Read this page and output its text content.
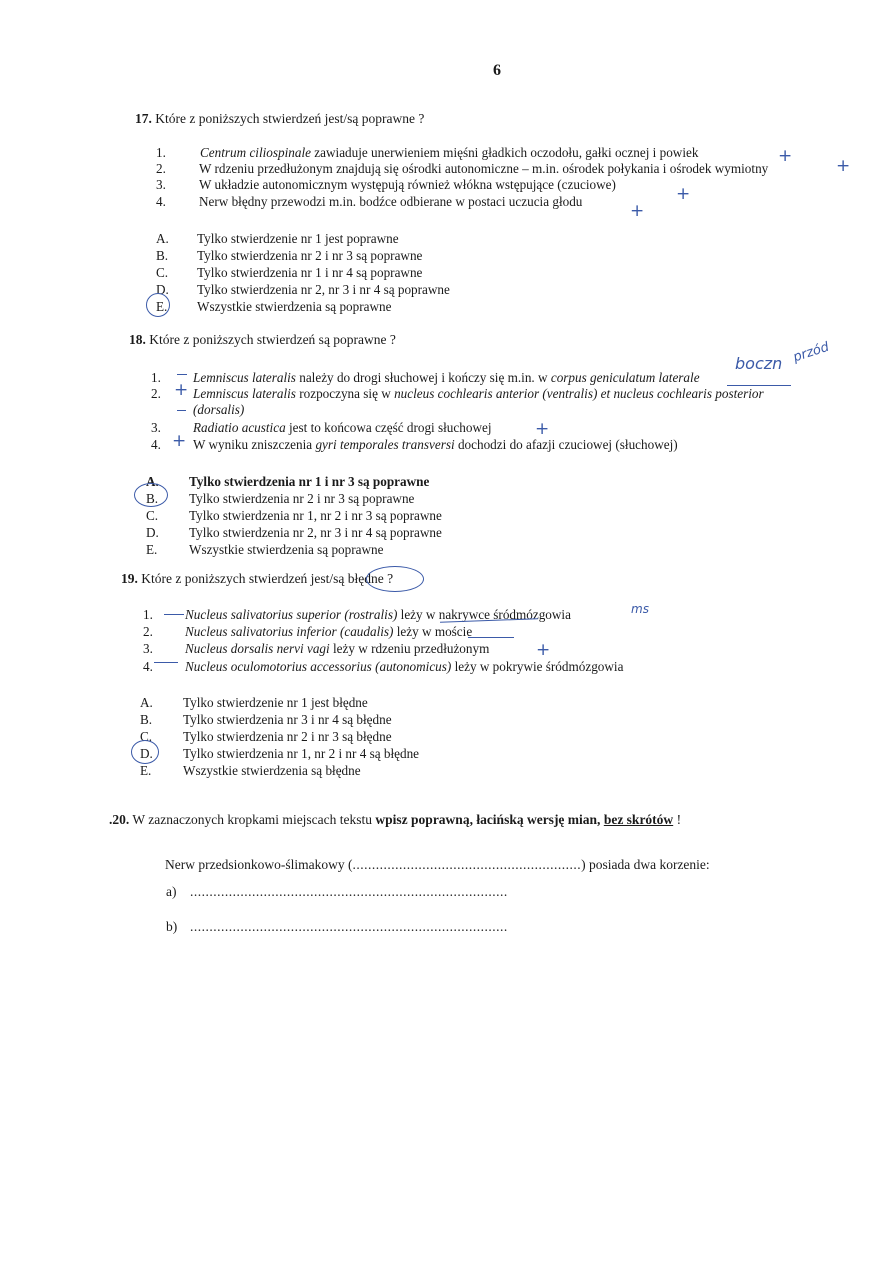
6
17. Które z poniższych stwierdzeń jest/są poprawne ?
1.	Centrum ciliospinale zawiaduje unerwieniem mięśni gładkich oczodołu, gałki ocznej i powiek
2.	W rdzeniu przedłużonym znajdują się ośrodki autonomiczne – m.in. ośrodek połykania i ośrodek wymiotny
3.	W układzie autonomicznym występują również włókna wstępujące (czuciowe)
4.	Nerw błędny przewodzi m.in. bodźce odbierane w postaci uczucia głodu
A. Tylko stwierdzenie nr 1 jest poprawne
B. Tylko stwierdzenia nr 2 i nr 3 są poprawne
C. Tylko stwierdzenia nr 1 i nr 4 są poprawne
D. Tylko stwierdzenia nr 2, nr 3 i nr 4 są poprawne
E. Wszystkie stwierdzenia są poprawne
+	+
+
+
18. Które z poniższych stwierdzeń są poprawne ?
1. Lemniscus lateralis należy do drogi słuchowej i kończy się m.in. w corpus geniculatum laterale
2. Lemniscus lateralis rozpoczyna się w nucleus cochlearis anterior (ventralis) et nucleus cochlearis posterior
(dorsalis)
3. Radiatio acustica jest to końcowa część drogi słuchowej
4. W wyniku zniszczenia gyri temporales transversi dochodzi do afazji czuciowej (słuchowej)
A. Tylko stwierdzenia nr 1 i nr 3 są poprawne
B. Tylko stwierdzenia nr 2 i nr 3 są poprawne
C. Tylko stwierdzenia nr 1, nr 2 i nr 3 są poprawne
D. Tylko stwierdzenia nr 2, nr 3 i nr 4 są poprawne
E. Wszystkie stwierdzenia są poprawne
+
+
+
boczn przód
19. Które z poniższych stwierdzeń jest/są błędne ?
1. Nucleus salivatorius superior (rostralis) leży w nakrywce śródmózgowia
2. Nucleus salivatorius inferior (caudalis) leży w moście
3. Nucleus dorsalis nervi vagi leży w rdzeniu przedłużonym
4. Nucleus oculomotorius accessorius (autonomicus) leży w pokrywie śródmózgowia
A. Tylko stwierdzenie nr 1 jest błędne
B. Tylko stwierdzenia nr 3 i nr 4 są błędne
C. Tylko stwierdzenia nr 2 i nr 3 są błędne
D. Tylko stwierdzenia nr 1, nr 2 i nr 4 są błędne
E. Wszystkie stwierdzenia są błędne
ms
+
.20. W zaznaczonych kropkami miejscach tekstu wpisz poprawną, łacińską wersję mian, bez skrótów !
Nerw przedsionkowo-ślimakowy (...........................................................) posiada dwa korzenie:
a) ..................................................................................
b) ..................................................................................
